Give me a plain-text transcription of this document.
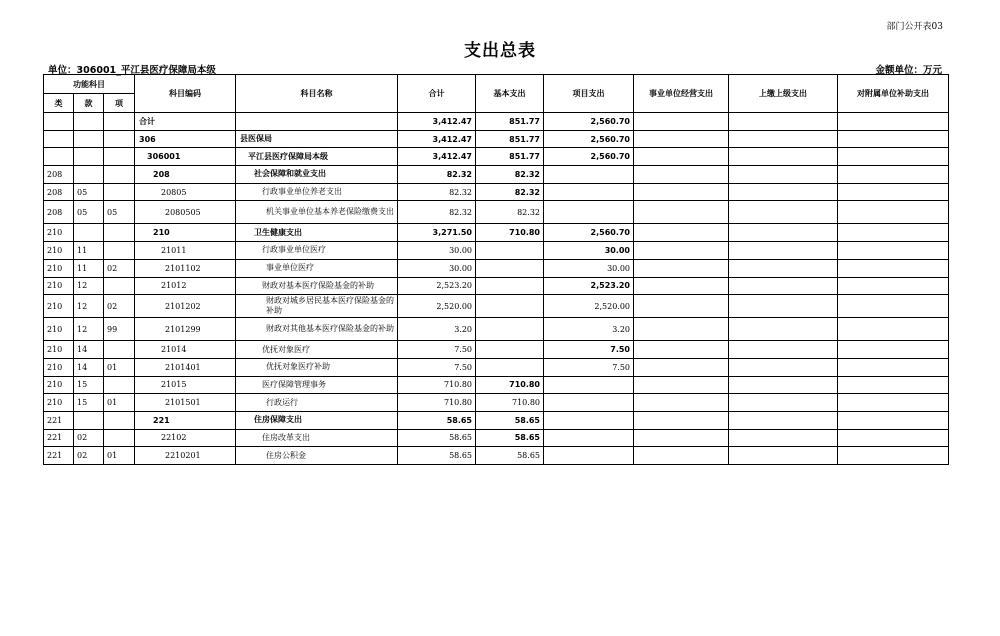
部门公开表03
支出总表
单位：306001_平江县医疗保障局本级	金额单位：万元
功能科目			科目编码	科目名称	合计	基本支出	项目支出	事业单位经营支出	上缴上级支出	对附属单位补助支出
类	款	项								
			合计		3,412.47	851.77	2,560.70			
			306	县医保局	3,412.47	851.77	2,560.70			
			306001	平江县医疗保障局本级	3,412.47	851.77	2,560.70			
208			208	社会保障和就业支出	82.32	82.32				
208	05		20805	行政事业单位养老支出	82.32	82.32				
208	05	05	2080505	机关事业单位基本养老保险缴费支出	82.32	82.32				
210			210	卫生健康支出	3,271.50	710.80	2,560.70			
210	11		21011	行政事业单位医疗	30.00		30.00			
210	11	02	2101102	事业单位医疗	30.00		30.00			
210	12		21012	财政对基本医疗保险基金的补助	2,523.20		2,523.20			
210	12	02	2101202	财政对城乡居民基本医疗保险基金的补助	2,520.00		2,520.00			
210	12	99	2101299	财政对其他基本医疗保险基金的补助	3.20		3.20			
210	14		21014	优抚对象医疗	7.50		7.50			
210	14	01	2101401	优抚对象医疗补助	7.50		7.50			
210	15		21015	医疗保障管理事务	710.80	710.80				
210	15	01	2101501	行政运行	710.80	710.80				
221			221	住房保障支出	58.65	58.65				
221	02		22102	住房改革支出	58.65	58.65				
221	02	01	2210201	住房公积金	58.65	58.65				
